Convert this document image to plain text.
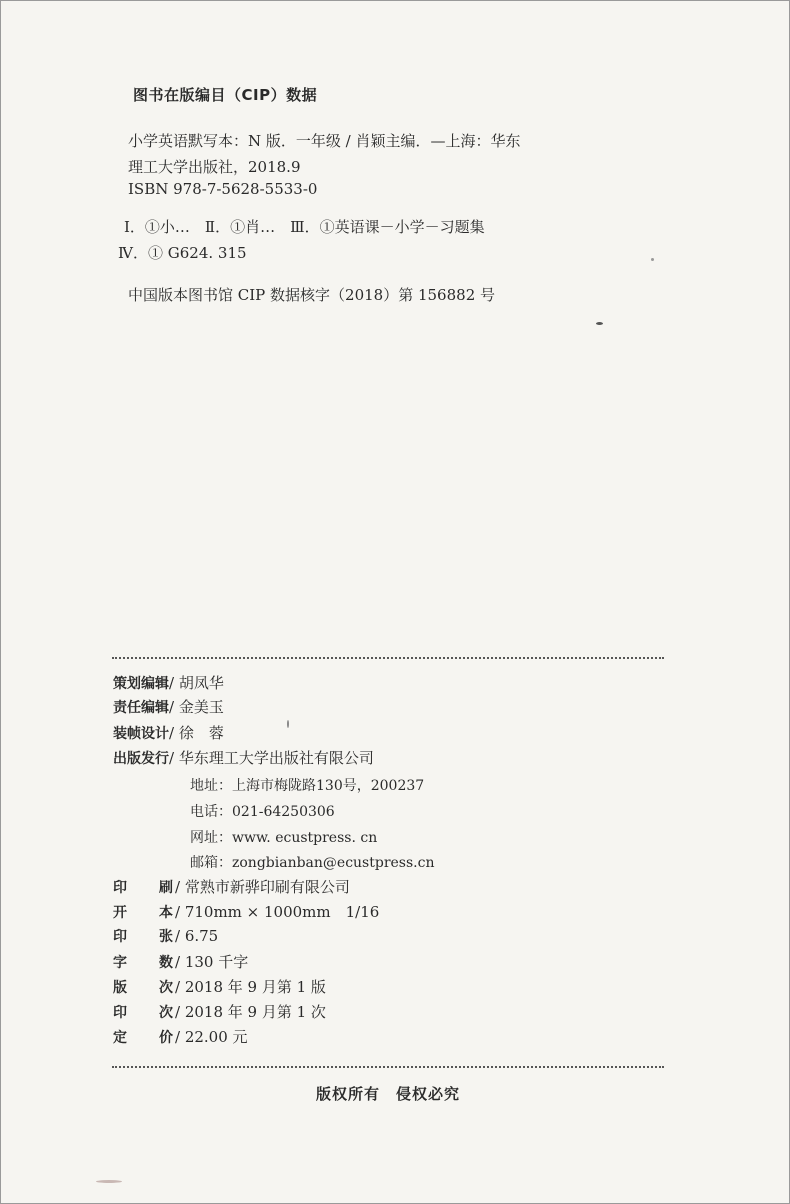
图书在版编目（CIP）数据
小学英语默写本：N 版．一年级 / 肖颖主编．—上海：华东
理工大学出版社，2018.9
ISBN 978-7-5628-5533-0
Ⅰ．①小…　Ⅱ．①肖…　Ⅲ．①英语课－小学－习题集
Ⅳ．① G624. 315
中国版本图书馆 CIP 数据核字（2018）第 156882 号
策划编辑/ 胡凤华
责任编辑/ 金美玉
装帧设计/ 徐　蓉
出版发行/ 华东理工大学出版社有限公司
地址：上海市梅陇路130号，200237
电话：021-64250306
网址：www. ecustpress. cn
邮箱：zongbianban@ecustpress.cn
印 刷 / 常熟市新骅印刷有限公司
开 本 / 710mm × 1000mm　1/16
印 张 / 6.75
字 数 / 130 千字
版 次 / 2018 年 9 月第 1 版
印 次 / 2018 年 9 月第 1 次
定 价 / 22.00 元
版权所有　侵权必究
